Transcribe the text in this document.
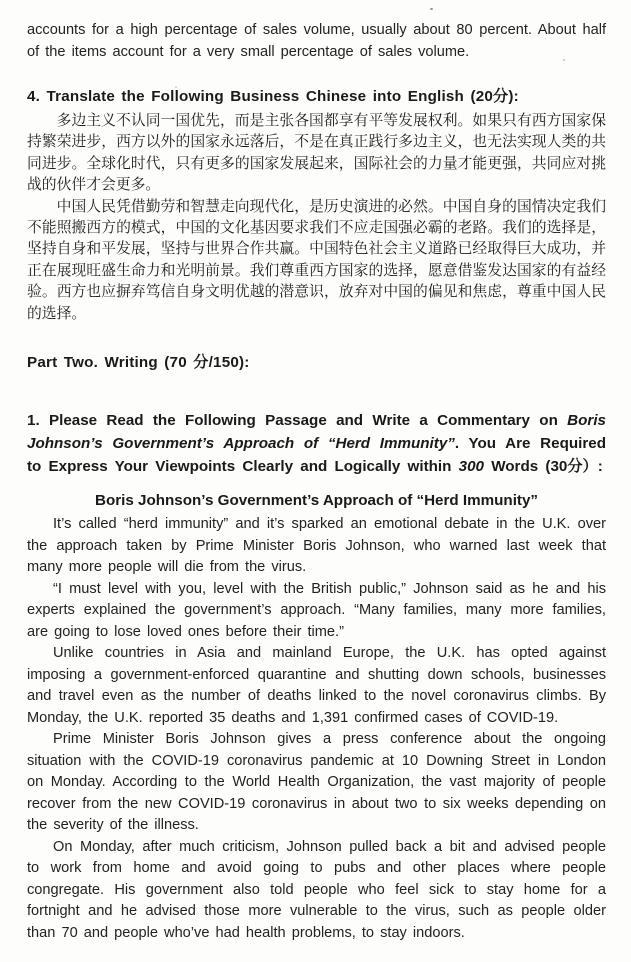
accounts for a high percentage of sales volume, usually about 80 percent. About half of the items account for a very small percentage of sales volume.

4. Translate the Following Business Chinese into English (20分):

多边主义不认同一国优先，而是主张各国都享有平等发展权利。如果只有西方国家保持繁荣进步，西方以外的国家永远落后，不是在真正践行多边主义，也无法实现人类的共同进步。全球化时代，只有更多的国家发展起来，国际社会的力量才能更强，共同应对挑战的伙伴才会更多。

中国人民凭借勤劳和智慧走向现代化，是历史演进的必然。中国自身的国情决定我们不能照搬西方的模式，中国的文化基因要求我们不应走国强必霸的老路。我们的选择是，坚持自身和平发展，坚持与世界合作共赢。中国特色社会主义道路已经取得巨大成功，并正在展现旺盛生命力和光明前景。我们尊重西方国家的选择，愿意借鉴发达国家的有益经验。西方也应摒弃笃信自身文明优越的潜意识，放弃对中国的偏见和焦虑，尊重中国人民的选择。

Part Two. Writing (70 分/150):

1. Please Read the Following Passage and Write a Commentary on Boris Johnson’s Government’s Approach of “Herd Immunity”. You Are Required to Express Your Viewpoints Clearly and Logically within 300 Words (30分）:

Boris Johnson’s Government’s Approach of “Herd Immunity”

It’s called “herd immunity” and it’s sparked an emotional debate in the U.K. over the approach taken by Prime Minister Boris Johnson, who warned last week that many more people will die from the virus.

“I must level with you, level with the British public,” Johnson said as he and his experts explained the government’s approach. “Many families, many more families, are going to lose loved ones before their time.”

Unlike countries in Asia and mainland Europe, the U.K. has opted against imposing a government-enforced quarantine and shutting down schools, businesses and travel even as the number of deaths linked to the novel coronavirus climbs. By Monday, the U.K. reported 35 deaths and 1,391 confirmed cases of COVID-19.

Prime Minister Boris Johnson gives a press conference about the ongoing situation with the COVID-19 coronavirus pandemic at 10 Downing Street in London on Monday. According to the World Health Organization, the vast majority of people recover from the new COVID-19 coronavirus in about two to six weeks depending on the severity of the illness.

On Monday, after much criticism, Johnson pulled back a bit and advised people to work from home and avoid going to pubs and other places where people congregate. His government also told people who feel sick to stay home for a fortnight and he advised those more vulnerable to the virus, such as people older than 70 and people who’ve had health problems, to stay indoors.
